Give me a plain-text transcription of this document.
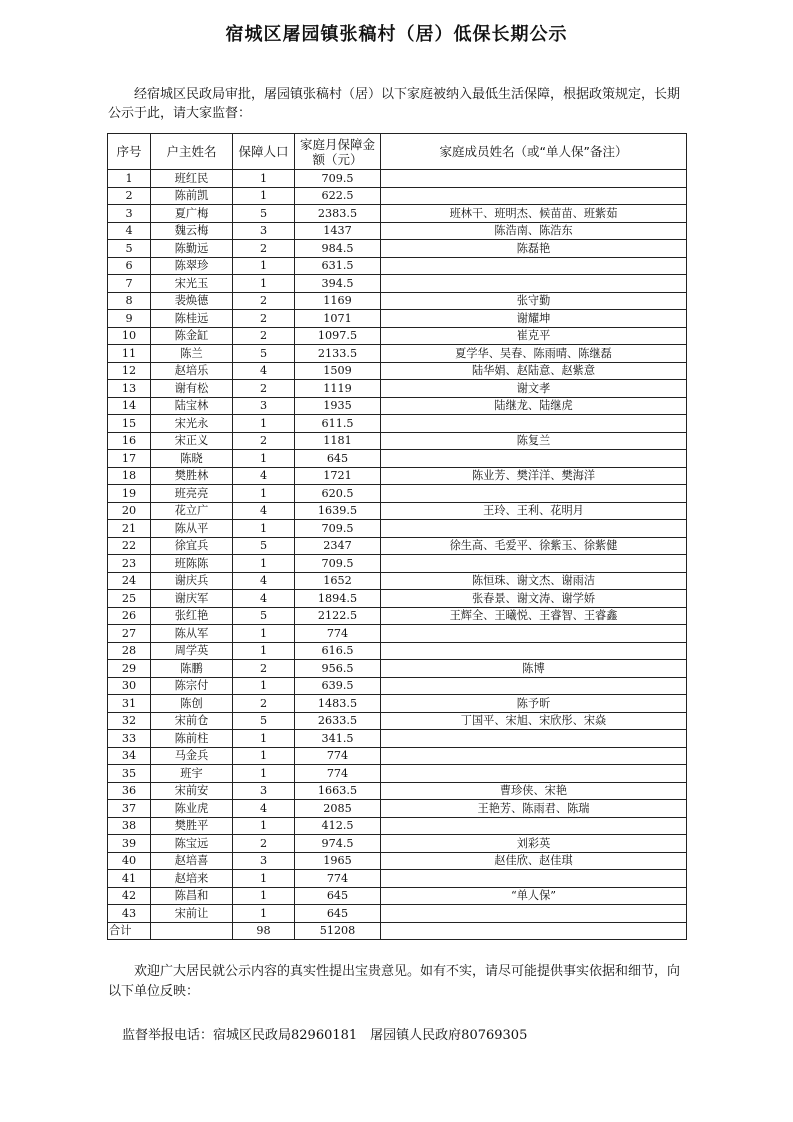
宿城区屠园镇张稿村（居）低保长期公示
经宿城区民政局审批，屠园镇张稿村（居）以下家庭被纳入最低生活保障，根据政策规定，长期公示于此，请大家监督：
序号	户主姓名	保障人口	家庭月保障金额（元）	家庭成员姓名（或“单人保”备注）
1	班红民	1	709.5	
2	陈前凯	1	622.5	
3	夏广梅	5	2383.5	班林干、班明杰、候苗苗、班紫茹
4	魏云梅	3	1437	陈浩南、陈浩东
5	陈勤远	2	984.5	陈磊艳
6	陈翠珍	1	631.5	
7	宋光玉	1	394.5	
8	裴焕德	2	1169	张守勤
9	陈桂远	2	1071	谢耀坤
10	陈金缸	2	1097.5	崔克平
11	陈兰	5	2133.5	夏学华、吴春、陈雨晴、陈继磊
12	赵培乐	4	1509	陆华娟、赵陆意、赵紫意
13	谢有松	2	1119	谢文孝
14	陆宝林	3	1935	陆继龙、陆继虎
15	宋光永	1	611.5	
16	宋正义	2	1181	陈复兰
17	陈晓	1	645	
18	樊胜林	4	1721	陈业芳、樊洋洋、樊海洋
19	班亮亮	1	620.5	
20	花立广	4	1639.5	王玲、王利、花明月
21	陈从平	1	709.5	
22	徐宜兵	5	2347	徐生高、毛爱平、徐紫玉、徐紫健
23	班陈陈	1	709.5	
24	谢庆兵	4	1652	陈恒珠、谢文杰、谢雨洁
25	谢庆军	4	1894.5	张春景、谢文涛、谢学娇
26	张红艳	5	2122.5	王辉全、王曦悦、王睿智、王睿鑫
27	陈从军	1	774	
28	周学英	1	616.5	
29	陈鹏	2	956.5	陈博
30	陈宗付	1	639.5	
31	陈创	2	1483.5	陈予昕
32	宋前仓	5	2633.5	丁国平、宋旭、宋欣彤、宋焱
33	陈前柱	1	341.5	
34	马金兵	1	774	
35	班宇	1	774	
36	宋前安	3	1663.5	曹珍侠、宋艳
37	陈业虎	4	2085	王艳芳、陈雨君、陈瑞
38	樊胜平	1	412.5	
39	陈宝远	2	974.5	刘彩英
40	赵培喜	3	1965	赵佳欣、赵佳琪
41	赵培来	1	774	
42	陈昌和	1	645	“单人保”
43	宋前让	1	645	
合计		98	51208	
欢迎广大居民就公示内容的真实性提出宝贵意见。如有不实，请尽可能提供事实依据和细节，向以下单位反映：
监督举报电话：宿城区民政局82960181　屠园镇人民政府80769305
